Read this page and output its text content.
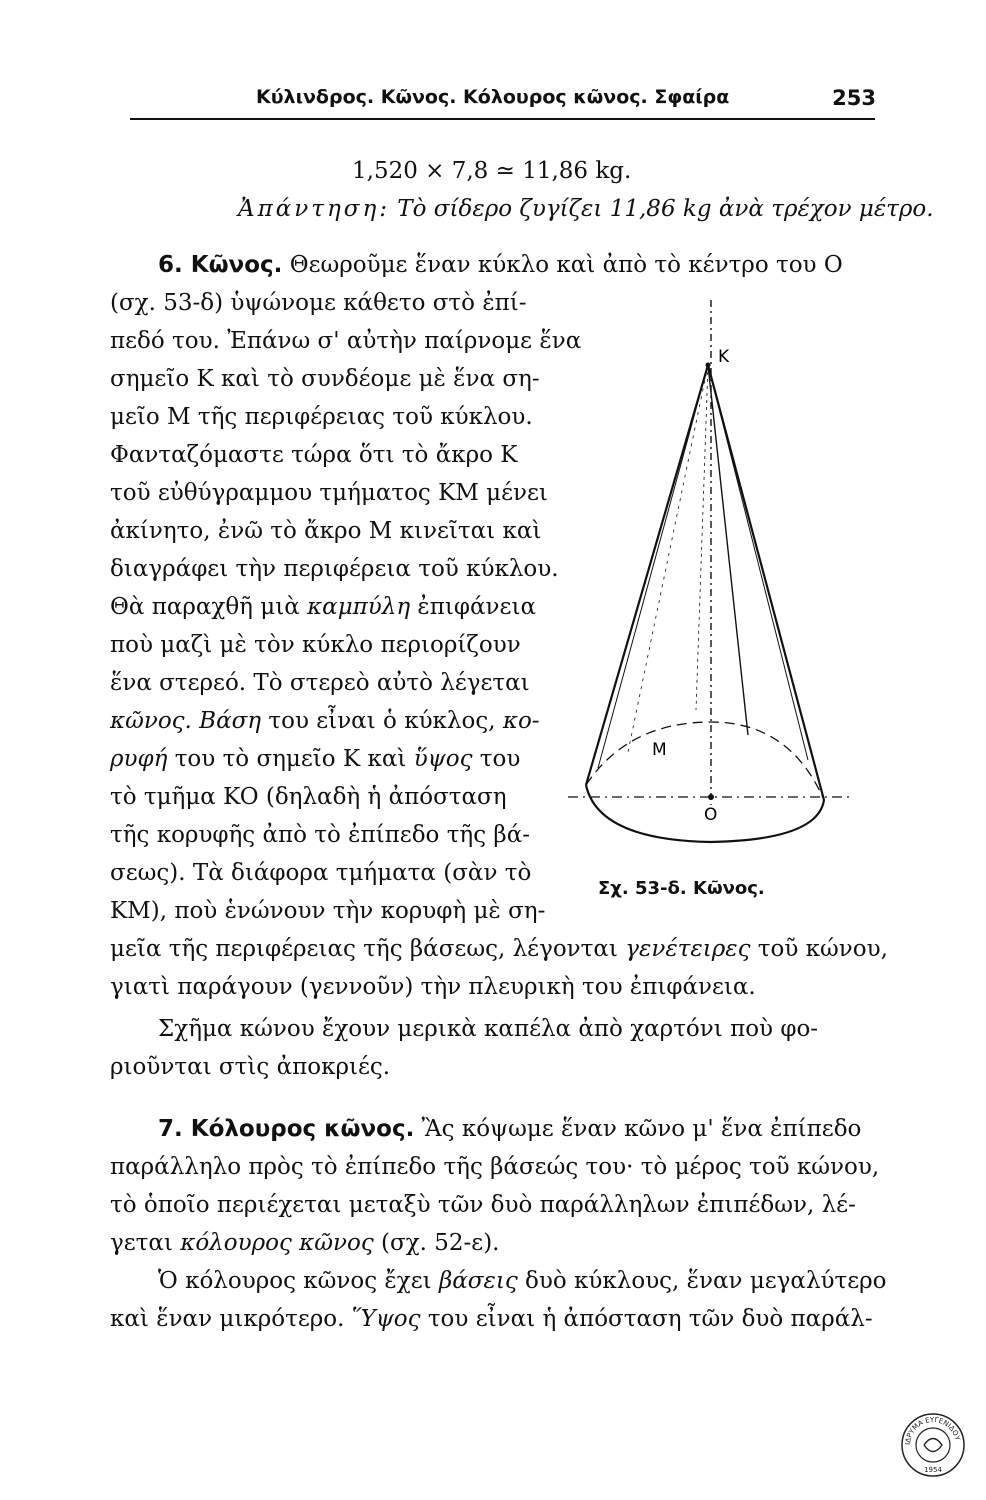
Κύλινδρος. Κῶνος. Κόλουρος κῶνος. Σφαίρα	253
1,520 × 7,8 ≃ 11,86 kg.
Ἀπάντηση: Τὸ σίδερο ζυγίζει 11,86 kg ἀνὰ τρέχον μέτρο.
6. Κῶνος. Θεωροῦμε ἕναν κύκλο καὶ ἀπὸ τὸ κέντρο του O
(σχ. 53-δ) ὑψώνομε κάθετο στὸ ἐπί-
πεδό του. Ἐπάνω σ' αὐτὴν παίρνομε ἕνα
σημεῖο K καὶ τὸ συνδέομε μὲ ἕνα ση-
μεῖο M τῆς περιφέρειας τοῦ κύκλου.
Φανταζόμαστε τώρα ὅτι τὸ ἄκρο K
τοῦ εὐθύγραμμου τμήματος KM μένει
ἀκίνητο, ἐνῶ τὸ ἄκρο M κινεῖται καὶ
διαγράφει τὴν περιφέρεια τοῦ κύκλου.
Θὰ παραχθῆ μιὰ καμπύλη ἐπιφάνεια
ποὺ μαζὶ μὲ τὸν κύκλο περιορίζουν
ἕνα στερεό. Τὸ στερεὸ αὐτὸ λέγεται
κῶνος. Βάση του εἶναι ὁ κύκλος, κο-
ρυφή του τὸ σημεῖο K καὶ ὕψος του
τὸ τμῆμα KO (δηλαδὴ ἡ ἀπόσταση
τῆς κορυφῆς ἀπὸ τὸ ἐπίπεδο τῆς βά-
σεως). Τὰ διάφορα τμήματα (σὰν τὸ
KM), ποὺ ἑνώνουν τὴν κορυφὴ μὲ ση-
μεῖα τῆς περιφέρειας τῆς βάσεως, λέγονται γενέτειρες τοῦ κώνου,
γιατὶ παράγουν (γεννοῦν) τὴν πλευρικὴ του ἐπιφάνεια.
Σχῆμα κώνου ἔχουν μερικὰ καπέλα ἀπὸ χαρτόνι ποὺ φο-
ριοῦνται στὶς ἀποκριές.
7. Κόλουρος κῶνος. Ἂς κόψωμε ἕναν κῶνο μ' ἕνα ἐπίπεδο
παράλληλο πρὸς τὸ ἐπίπεδο τῆς βάσεώς του· τὸ μέρος τοῦ κώνου,
τὸ ὁποῖο περιέχεται μεταξὺ τῶν δυὸ παράλληλων ἐπιπέδων, λέ-
γεται κόλουρος κῶνος (σχ. 52-ε).
Ὁ κόλουρος κῶνος ἔχει βάσεις δυὸ κύκλους, ἕναν μεγαλύτερο
καὶ ἕναν μικρότερο. Ὕψος του εἶναι ἡ ἀπόσταση τῶν δυὸ παράλ-
K
M
O
Σχ. 53-δ. Κῶνος.
ΙΔΡΥΜΑ ΕΥΓΕΝΙΔΟΥ
1954
